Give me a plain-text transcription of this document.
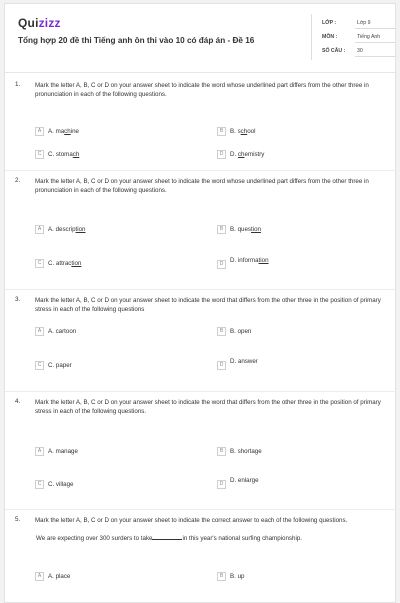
Quizizz
Tổng hợp 20 đề thi Tiếng anh ôn thi vào 10 có đáp án - Đề 16
LỚP :	Lớp 9
MÔN :	Tiếng Anh
SỐ CÂU : 30
1. Mark the letter A, B, C or D on your answer sheet to indicate the word whose underlined part differs from the other three in pronunciation in each of the following questions.
A A. machine	B B. school
C C. stomach	D D. chemistry
2. Mark the letter A, B, C or D on your answer sheet to indicate the word whose underlined part differs from the other three in pronunciation in each of the following questions.
A A. description	B B. question
C C. attraction	D D. information
3. Mark the letter A, B, C or D on your answer sheet to indicate the word that differs from the other three in the position of primary stress in each of the following questions
A A. cartoon	B B. open
C C. paper	D D. answer
4. Mark the letter A, B, C or D on your answer sheet to indicate the word that differs from the other three in the position of primary stress in each of the following questions.
A A. manage	B B. shortage
C C. village	D D. enlarge
5. Mark the letter A, B, C or D on your answer sheet to indicate the correct answer to each of the following questions.
We are expecting over 300 surders to take	in this year's national surfing championship.
A A. place	B B. up
